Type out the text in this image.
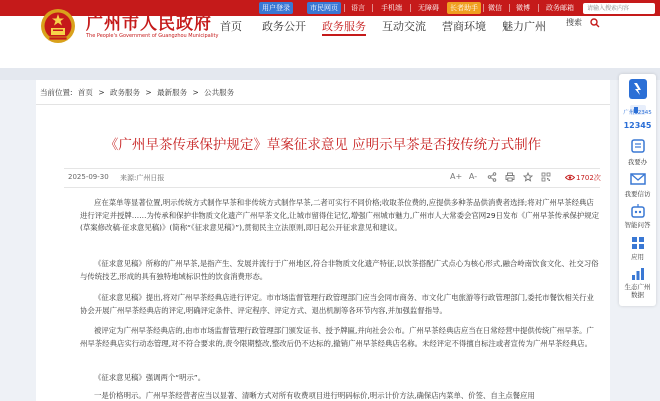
用户登录	市民网页	语言 手机端 无障碍	长者助手	微信 微博 政务邮箱	请输入搜索内容
广州市人民政府
The People's Government of Guangzhou Municipality
首页 政务公开 政务服务 互动交流 营商环境 魅力广州	搜索
当前位置: 首页 > 政务服务 > 最新服务 > 公共服务
《广州早茶传承保护规定》草案征求意见 应明示早茶是否按传统方式制作
2025-09-30 来源:广州日报	A+ A-	1702次

应在菜单等显著位置,明示传统方式制作早茶和非传统方式制作早茶,二者可实行不同价格;收取茶位费的,应提供多种茶品供消费者选择;将对广州早茶经典店进行评定并授牌……为传承和保护非物质文化遗产广州早茶文化,让城市留得住记忆,增强广州城市魅力,广州市人大常委会官网29日发布《广州早茶传承保护规定(草案修改稿·征求意见稿)》(简称“《征求意见稿》”),贯彻民主立法原则,即日起公开征求意见和建议。

《征求意见稿》所称的广州早茶,是指产生、发展并流行于广州地区,符合非物质文化遗产特征,以饮茶搭配广式点心为核心形式,融合岭南饮食文化、社交习俗与传统技艺,形成的具有独特地域标识性的饮食消费形态。

《征求意见稿》提出,将对广州早茶经典店进行评定。市市场监督管理行政管理部门应当会同市商务、市文化广电旅游等行政管理部门,委托市餐饮相关行业协会开展广州早茶经典店的评定,明确评定条件、评定程序、评定方式、退出机制等各环节内容,并加强监督指导。

被评定为广州早茶经典店的,由市市场监督管理行政管理部门颁发证书、授予牌匾,并向社会公布。广州早茶经典店应当在日常经营中提供传统广州早茶。广州早茶经典店实行动态管理,对不符合要求的,责令限期整改,整改后仍不达标的,撤销广州早茶经典店名称。未经评定不得擅自标注或者宣传为广州早茶经典店。

《征求意见稿》强调两个“明示”。

一是价格明示。广州早茶经营者应当以显著、清晰方式对所有收费项目进行明码标价,明示计价方法,确保店内菜单、价签、自主点餐应用

广州12345
12345
我要办
我要信访
智能问答
应用
生态广州数据
